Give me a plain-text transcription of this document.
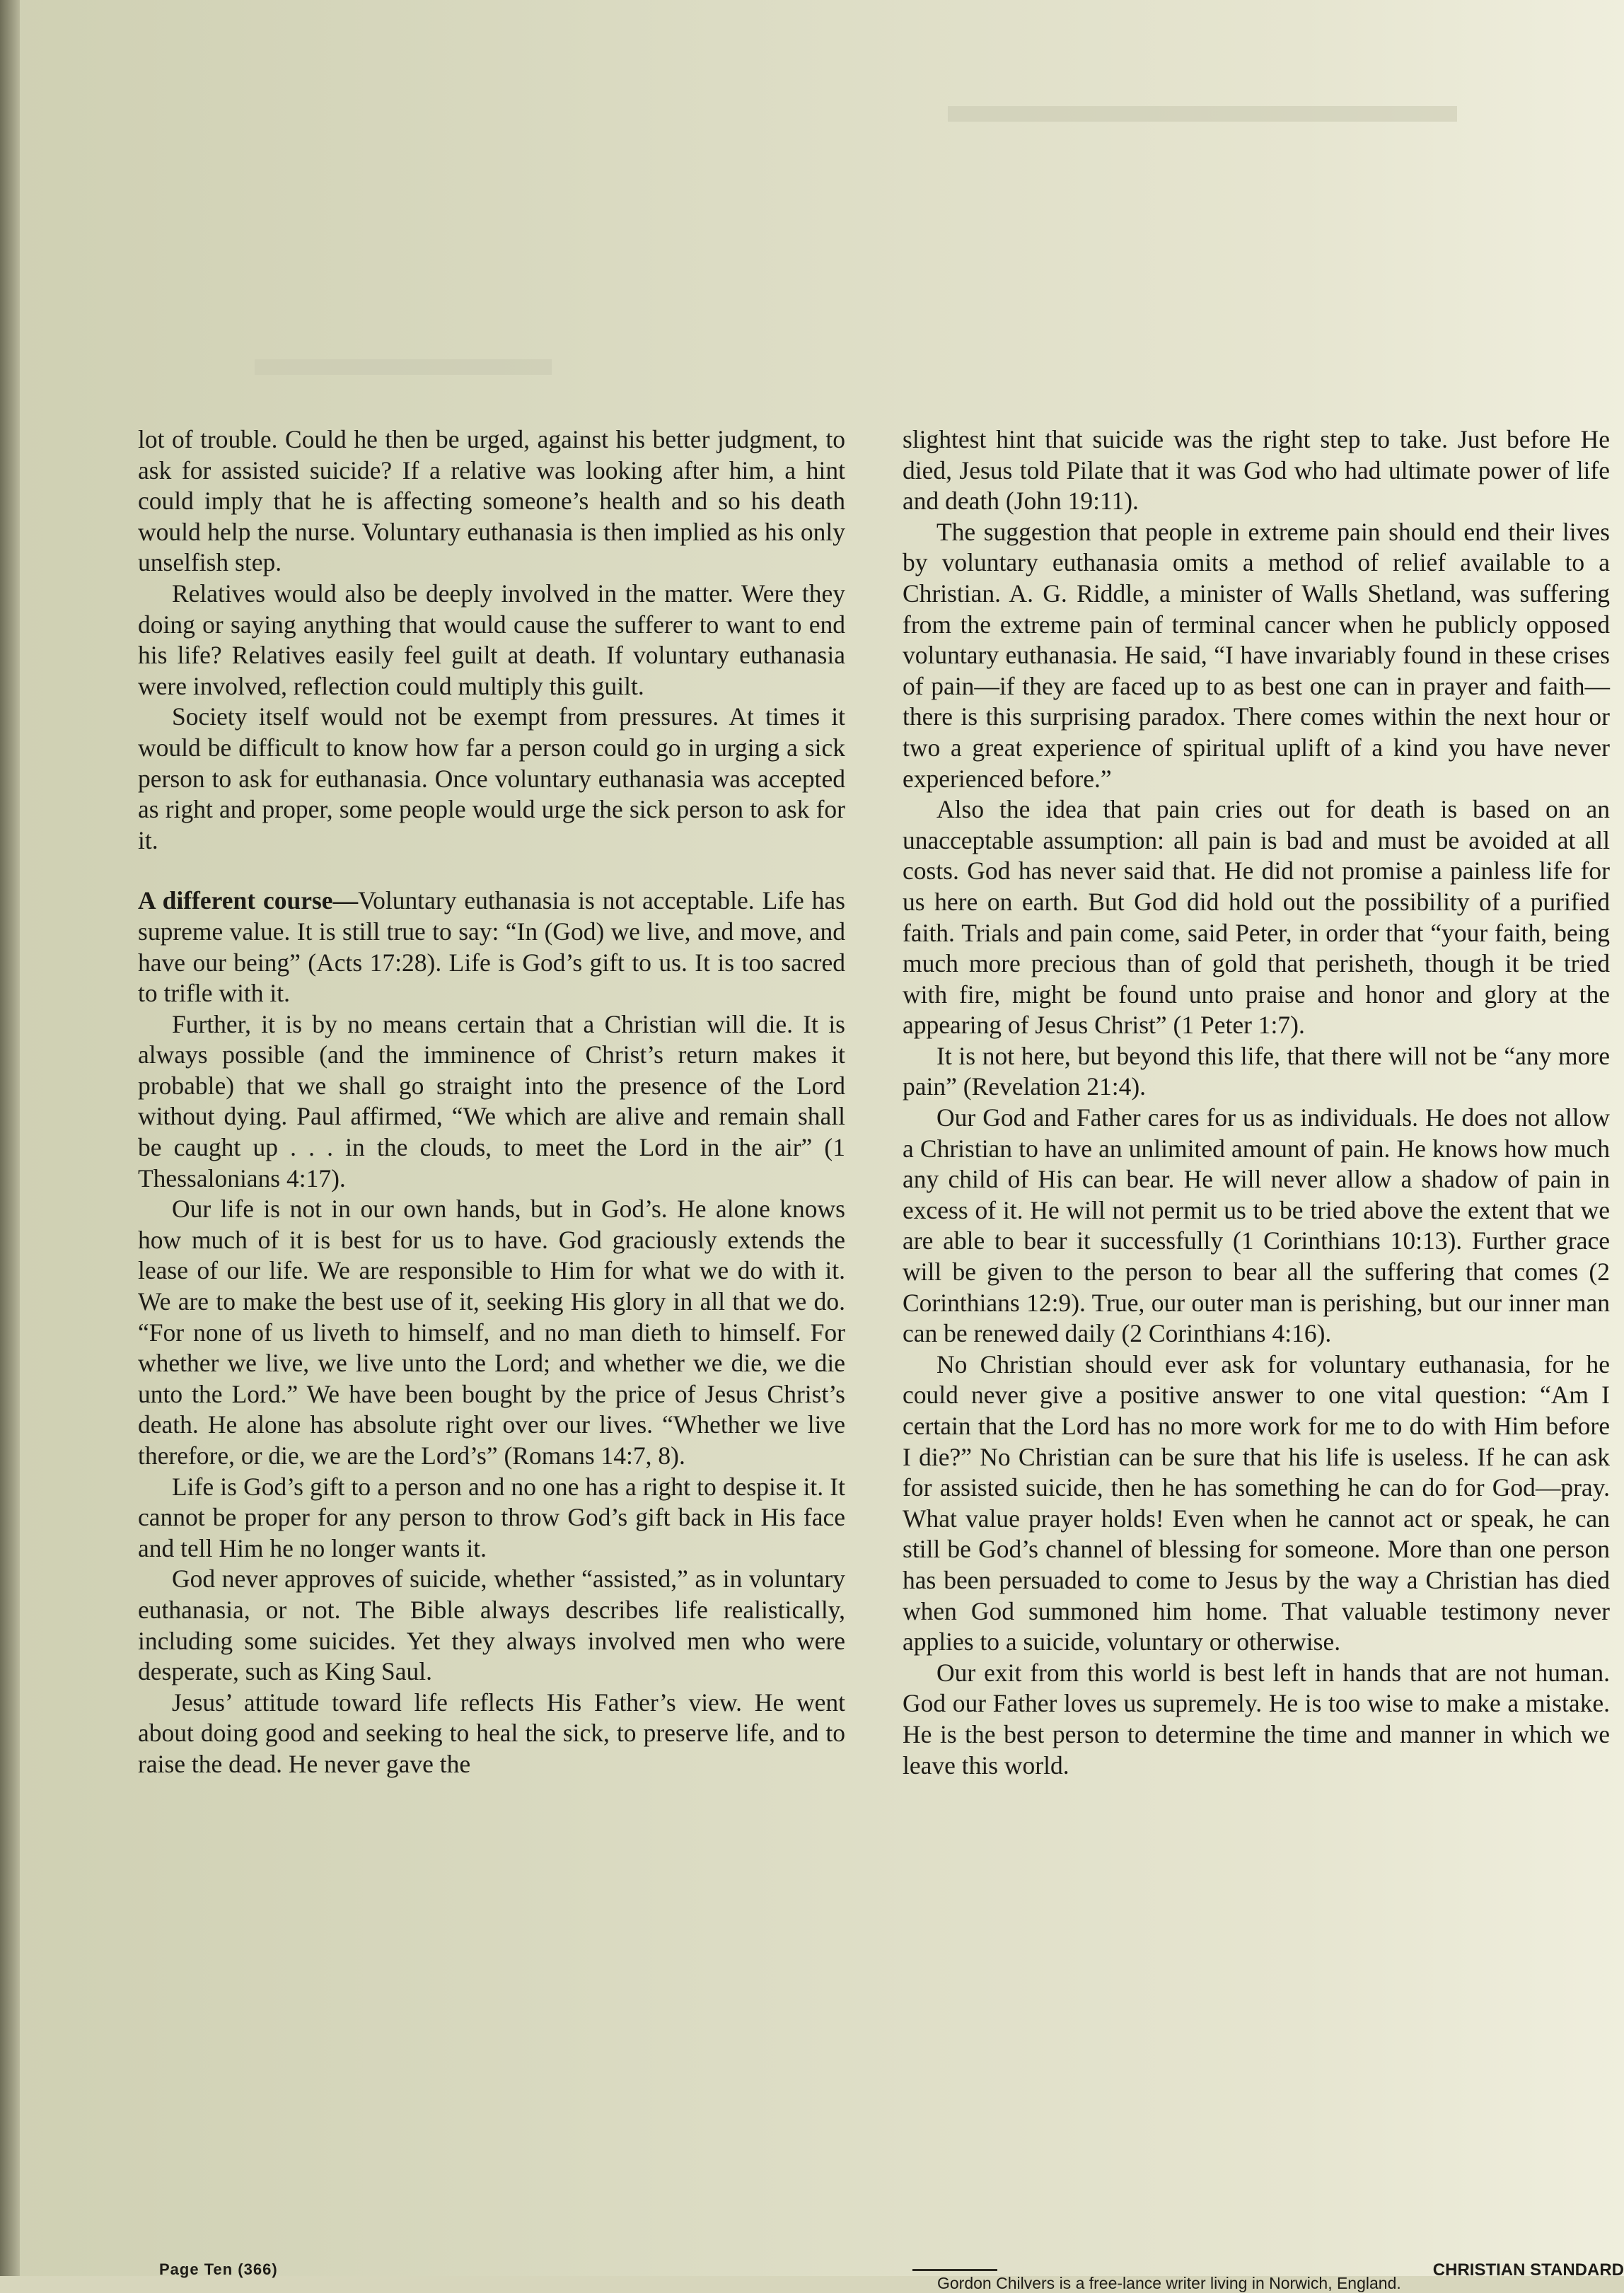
lot of trouble. Could he then be urged, against his better judgment, to ask for assisted suicide? If a relative was looking after him, a hint could imply that he is affecting someone’s health and so his death would help the nurse. Voluntary euthanasia is then implied as his only unselfish step.

Relatives would also be deeply involved in the matter. Were they doing or saying anything that would cause the sufferer to want to end his life? Relatives easily feel guilt at death. If voluntary euthanasia were involved, reflection could multiply this guilt.

Society itself would not be exempt from pressures. At times it would be difficult to know how far a person could go in urging a sick person to ask for euthanasia. Once voluntary euthanasia was accepted as right and proper, some people would urge the sick person to ask for it.

A different course—Voluntary euthanasia is not acceptable. Life has supreme value. It is still true to say: “In (God) we live, and move, and have our being” (Acts 17:28). Life is God’s gift to us. It is too sacred to trifle with it.

Further, it is by no means certain that a Christian will die. It is always possible (and the imminence of Christ’s return makes it probable) that we shall go straight into the presence of the Lord without dying. Paul affirmed, “We which are alive and remain shall be caught up . . . in the clouds, to meet the Lord in the air” (1 Thessalonians 4:17).

Our life is not in our own hands, but in God’s. He alone knows how much of it is best for us to have. God graciously extends the lease of our life. We are responsible to Him for what we do with it. We are to make the best use of it, seeking His glory in all that we do. “For none of us liveth to himself, and no man dieth to himself. For whether we live, we live unto the Lord; and whether we die, we die unto the Lord.” We have been bought by the price of Jesus Christ’s death. He alone has absolute right over our lives. “Whether we live therefore, or die, we are the Lord’s” (Romans 14:7, 8).

Life is God’s gift to a person and no one has a right to despise it. It cannot be proper for any person to throw God’s gift back in His face and tell Him he no longer wants it.

God never approves of suicide, whether “assisted,” as in voluntary euthanasia, or not. The Bible always describes life realistically, including some suicides. Yet they always involved men who were desperate, such as King Saul.

Jesus’ attitude toward life reflects His Father’s view. He went about doing good and seeking to heal the sick, to preserve life, and to raise the dead. He never gave the

slightest hint that suicide was the right step to take. Just before He died, Jesus told Pilate that it was God who had ultimate power of life and death (John 19:11).

The suggestion that people in extreme pain should end their lives by voluntary euthanasia omits a method of relief available to a Christian. A. G. Riddle, a minister of Walls Shetland, was suffering from the extreme pain of terminal cancer when he publicly opposed voluntary euthanasia. He said, “I have invariably found in these crises of pain—if they are faced up to as best one can in prayer and faith—there is this surprising paradox. There comes within the next hour or two a great experience of spiritual uplift of a kind you have never experienced before.”

Also the idea that pain cries out for death is based on an unacceptable assumption: all pain is bad and must be avoided at all costs. God has never said that. He did not promise a painless life for us here on earth. But God did hold out the possibility of a purified faith. Trials and pain come, said Peter, in order that “your faith, being much more precious than of gold that perisheth, though it be tried with fire, might be found unto praise and honor and glory at the appearing of Jesus Christ” (1 Peter 1:7).

It is not here, but beyond this life, that there will not be “any more pain” (Revelation 21:4).

Our God and Father cares for us as individuals. He does not allow a Christian to have an unlimited amount of pain. He knows how much any child of His can bear. He will never allow a shadow of pain in excess of it. He will not permit us to be tried above the extent that we are able to bear it successfully (1 Corinthians 10:13). Further grace will be given to the person to bear all the suffering that comes (2 Corinthians 12:9). True, our outer man is perishing, but our inner man can be renewed daily (2 Corinthians 4:16).

No Christian should ever ask for voluntary euthanasia, for he could never give a positive answer to one vital question: “Am I certain that the Lord has no more work for me to do with Him before I die?” No Christian can be sure that his life is useless. If he can ask for assisted suicide, then he has something he can do for God—pray. What value prayer holds! Even when he cannot act or speak, he can still be God’s channel of blessing for someone. More than one person has been persuaded to come to Jesus by the way a Christian has died when God summoned him home. That valuable testimony never applies to a suicide, voluntary or otherwise.

Our exit from this world is best left in hands that are not human. God our Father loves us supremely. He is too wise to make a mistake. He is the best person to determine the time and manner in which we leave this world.

Gordon Chilvers is a free-lance writer living in Norwich, England.
Page Ten (366)	CHRISTIAN STANDARD
